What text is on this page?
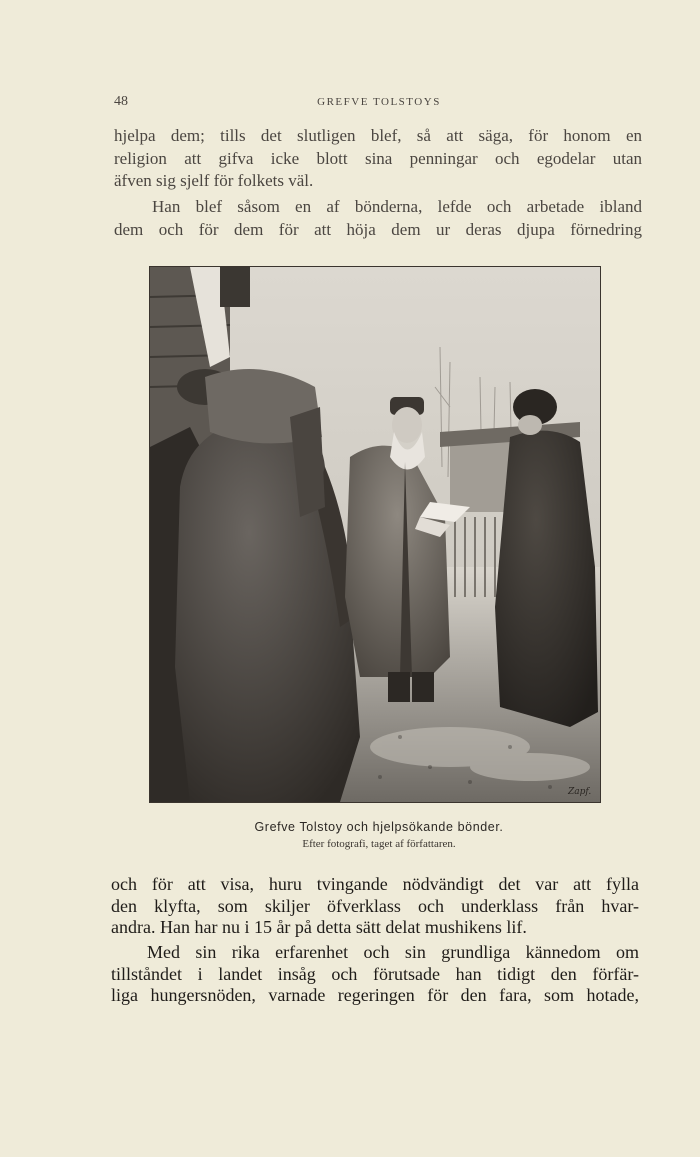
48	GREFVE TOLSTOYS

hjelpa dem; tills det slutligen blef, så att säga, för honom en
religion att gifva icke blott sina penningar och egodelar utan
äfven sig sjelf för folkets väl.

Han blef såsom en af bönderna, lefde och arbetade ibland
dem och för dem för att höja dem ur deras djupa förnedring

Zapf.
Grefve Tolstoy och hjelpsökande bönder.
Efter fotografi, taget af författaren.

och för att visa, huru tvingande nödvändigt det var att fylla
den klyfta, som skiljer öfverklass och underklass från hvar-
andra. Han har nu i 15 år på detta sätt delat mushikens lif.

Med sin rika erfarenhet och sin grundliga kännedom om
tillståndet i landet insåg och förutsade han tidigt den förfär-
liga hungersnöden, varnade regeringen för den fara, som hotade,
